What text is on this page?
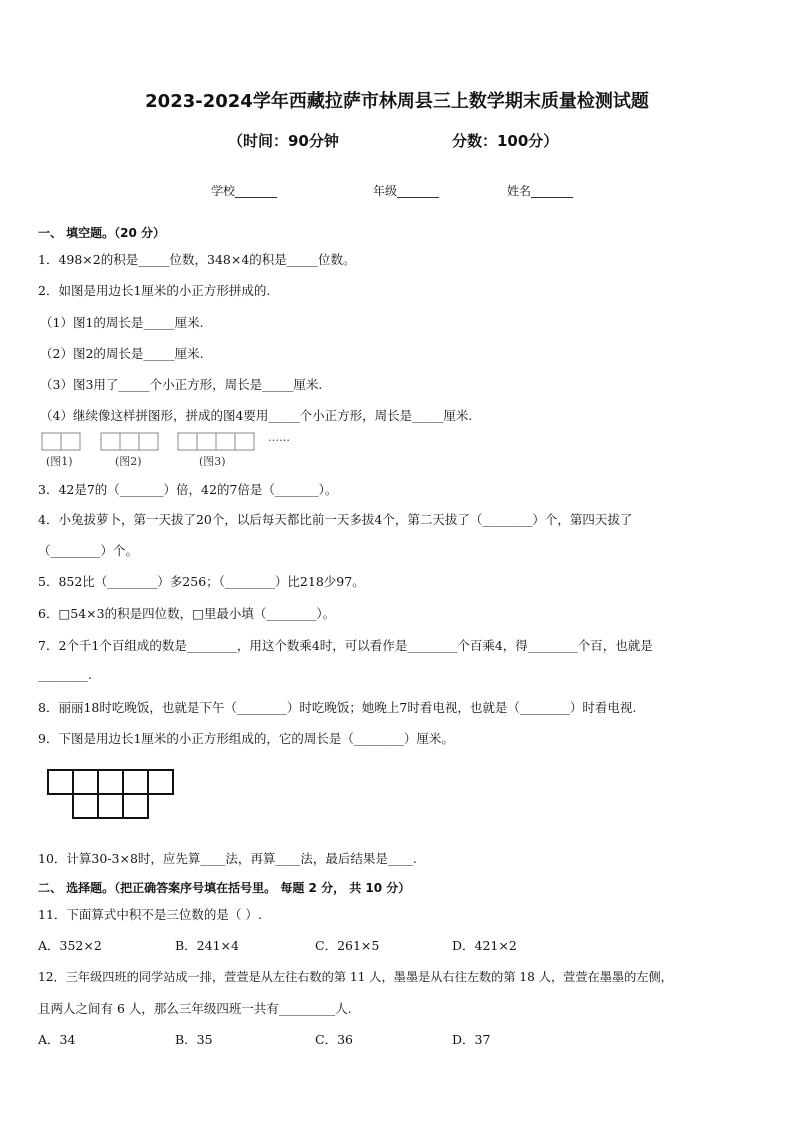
2023-2024学年西藏拉萨市林周县三上数学期末质量检测试题
（时间：90分钟	分数：100分）
学校_______	年级_______	姓名_______
一、 填空题。（20 分）
1．498×2的积是_____位数，348×4的积是_____位数。
2．如图是用边长1厘米的小正方形拼成的.
（1）图1的周长是_____厘米.
（2）图2的周长是_____厘米.
（3）图3用了_____个小正方形，周长是_____厘米.
（4）继续像这样拼图形，拼成的图4要用_____个小正方形，周长是_____厘米.
……
(图1)	(图2)	(图3)
3．42是7的（_______）倍，42的7倍是（_______）。
4．小兔拔萝卜，第一天拔了20个，以后每天都比前一天多拔4个，第二天拔了（________）个，第四天拔了
（________）个。
5．852比（________）多256；（________）比218少97。
6．□54×3的积是四位数，□里最小填（________）。
7．2个千1个百组成的数是________，用这个数乘4时，可以看作是________个百乘4，得________个百，也就是
________.
8．丽丽18时吃晚饭，也就是下午（________）时吃晚饭；她晚上7时看电视，也就是（________）时看电视.
9．下图是用边长1厘米的小正方形组成的，它的周长是（________）厘米。
10．计算30-3×8时，应先算____法，再算____法，最后结果是____.
二、 选择题。（把正确答案序号填在括号里。 每题 2 分， 共 10 分）
11．下面算式中积不是三位数的是（ ）.
A．352×2	B．241×4	C．261×5	D．421×2
12．三年级四班的同学站成一排，萱萱是从左往右数的第 11 人，墨墨是从右往左数的第 18 人，萱萱在墨墨的左侧，
且两人之间有 6 人，那么三年级四班一共有_________人.
A．34	B．35	C．36	D．37
